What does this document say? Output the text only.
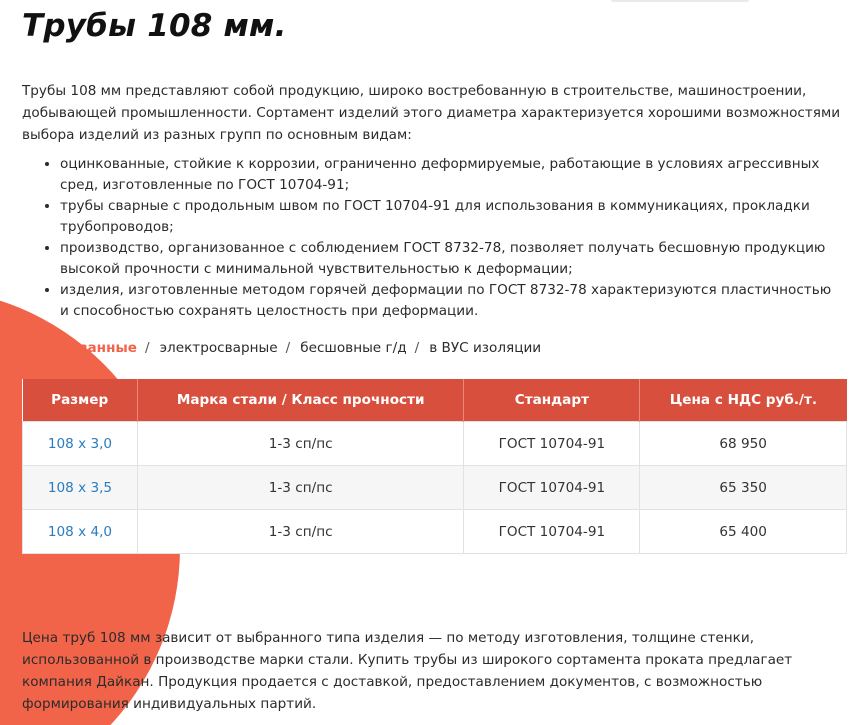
Трубы 108 мм.

Трубы 108 мм представляют собой продукцию, широко востребованную в строительстве, машиностроении, добывающей промышленности. Сортамент изделий этого диаметра характеризуется хорошими возможностями выбора изделий из разных групп по основным видам:

• оцинкованные, стойкие к коррозии, ограниченно деформируемые, работающие в условиях агрессивных сред, изготовленные по ГОСТ 10704-91;
• трубы сварные с продольным швом по ГОСТ 10704-91 для использования в коммуникациях, прокладки трубопроводов;
• производство, организованное с соблюдением ГОСТ 8732-78, позволяет получать бесшовную продукцию высокой прочности с минимальной чувствительностью к деформации;
• изделия, изготовленные методом горячей деформации по ГОСТ 8732-78 характеризуются пластичностью и способностью сохранять целостность при деформации.
оцинкованные / электросварные / бесшовные г/д / в ВУС изоляции
Размер	Марка стали / Класс прочности	Стандарт	Цена с НДС руб./т.
108 x 3,0	1-3 сп/пс	ГОСТ 10704-91	68 950
108 x 3,5	1-3 сп/пс	ГОСТ 10704-91	65 350
108 x 4,0	1-3 сп/пс	ГОСТ 10704-91	65 400

Цена труб 108 мм зависит от выбранного типа изделия — по методу изготовления, толщине стенки, использованной в производстве марки стали. Купить трубы из широкого сортамента проката предлагает компания Дайкан. Продукция продается с доставкой, предоставлением документов, с возможностью формирования индивидуальных партий.
